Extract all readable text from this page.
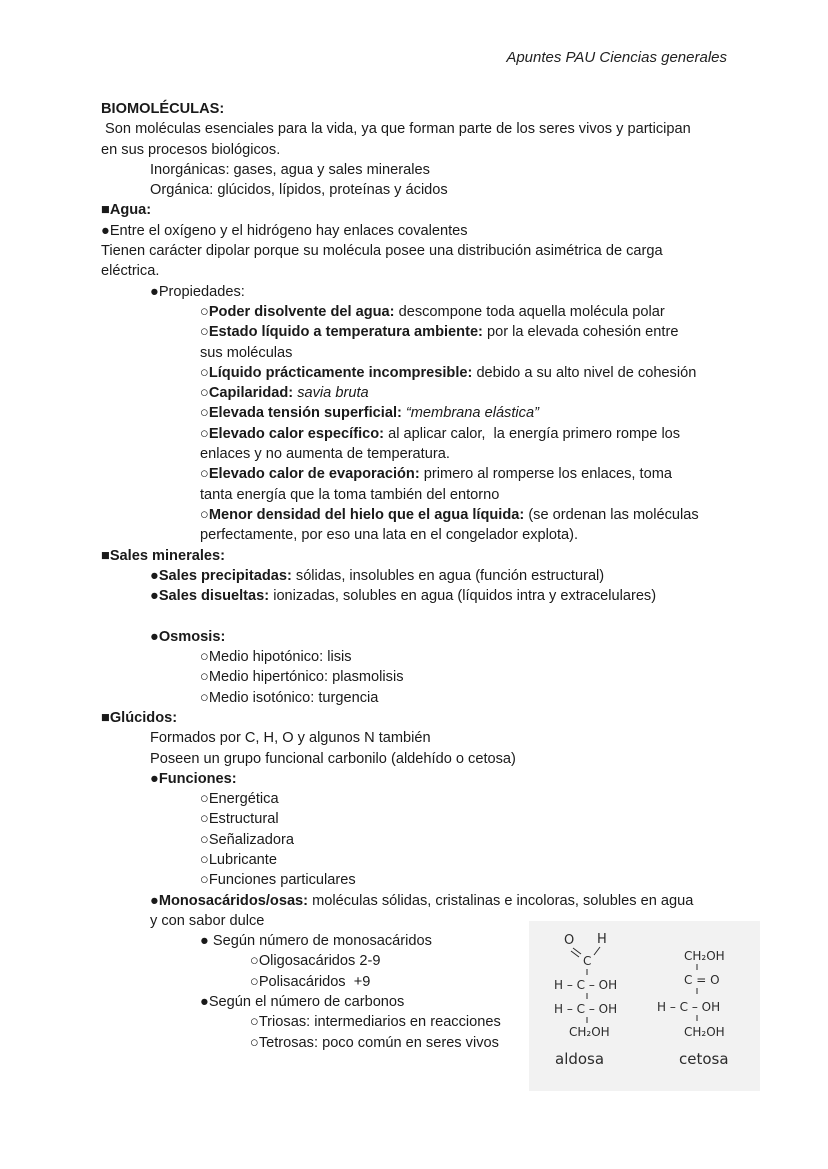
Apuntes PAU Ciencias generales
BIOMOLÉCULAS:
Son moléculas esenciales para la vida, ya que forman parte de los seres vivos y participan
en sus procesos biológicos.
Inorgánicas: gases, agua y sales minerales
Orgánica: glúcidos, lípidos, proteínas y ácidos
■Agua:
●Entre el oxígeno y el hidrógeno hay enlaces covalentes
Tienen carácter dipolar porque su molécula posee una distribución asimétrica de carga
eléctrica.
●Propiedades:
○Poder disolvente del agua: descompone toda aquella molécula polar
○Estado líquido a temperatura ambiente: por la elevada cohesión entre
sus moléculas
○Líquido prácticamente incompresible: debido a su alto nivel de cohesión
○Capilaridad: savia bruta
○Elevada tensión superficial: “membrana elástica”
○Elevado calor específico: al aplicar calor,  la energía primero rompe los
enlaces y no aumenta de temperatura.
○Elevado calor de evaporación: primero al romperse los enlaces, toma
tanta energía que la toma también del entorno
○Menor densidad del hielo que el agua líquida: (se ordenan las moléculas
perfectamente, por eso una lata en el congelador explota).
■Sales minerales:
●Sales precipitadas: sólidas, insolubles en agua (función estructural)
●Sales disueltas: ionizadas, solubles en agua (líquidos intra y extracelulares)
●Osmosis:
○Medio hipotónico: lisis
○Medio hipertónico: plasmolisis
○Medio isotónico: turgencia
■Glúcidos:
Formados por C, H, O y algunos N también
Poseen un grupo funcional carbonilo (aldehído o cetosa)
●Funciones:
○Energética
○Estructural
○Señalizadora
○Lubricante
○Funciones particulares
●Monosacáridos/osas: moléculas sólidas, cristalinas e incoloras, solubles en agua
y con sabor dulce
● Según número de monosacáridos
○Oligosacáridos 2-9
○Polisacáridos  +9
●Según el número de carbonos
○Triosas: intermediarios en reacciones
○Tetrosas: poco común en seres vivos
O H
C
H – C – OH
H – C – OH
CH₂OH
aldosa
CH₂OH
C = O
H – C – OH
CH₂OH
cetosa
